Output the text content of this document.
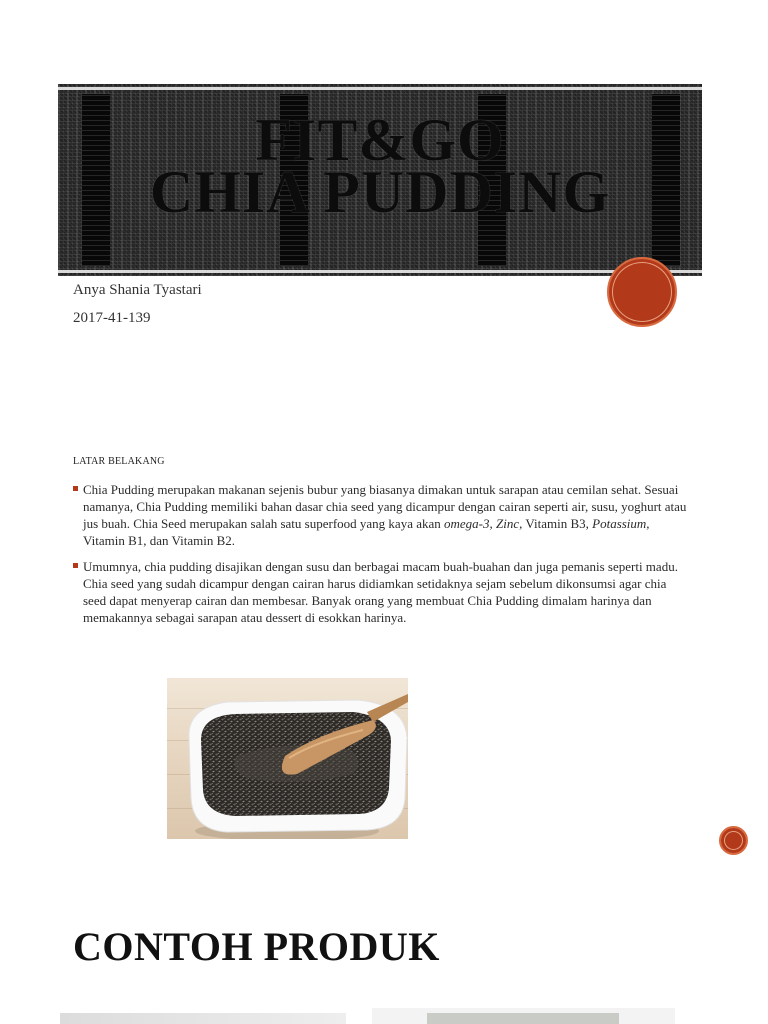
FIT&GO
CHIA PUDDING
Anya Shania Tyastari
2017-41-139
LATAR BELAKANG
Chia Pudding merupakan makanan sejenis bubur yang biasanya dimakan untuk sarapan atau cemilan sehat. Sesuai namanya, Chia Pudding memiliki bahan dasar chia seed yang dicampur dengan cairan seperti air, susu, yoghurt atau jus buah. Chia Seed merupakan salah satu superfood yang kaya akan omega-3, Zinc, Vitamin B3, Potassium, Vitamin B1, dan Vitamin B2.
Umumnya, chia pudding disajikan dengan susu dan berbagai macam buah-buahan dan juga pemanis seperti madu. Chia seed yang sudah dicampur dengan cairan harus didiamkan setidaknya sejam sebelum dikonsumsi agar chia seed dapat menyerap cairan dan membesar. Banyak orang yang membuat Chia Pudding dimalam harinya dan memakannya sebagai sarapan atau dessert di esokkan harinya.
CONTOH PRODUK
